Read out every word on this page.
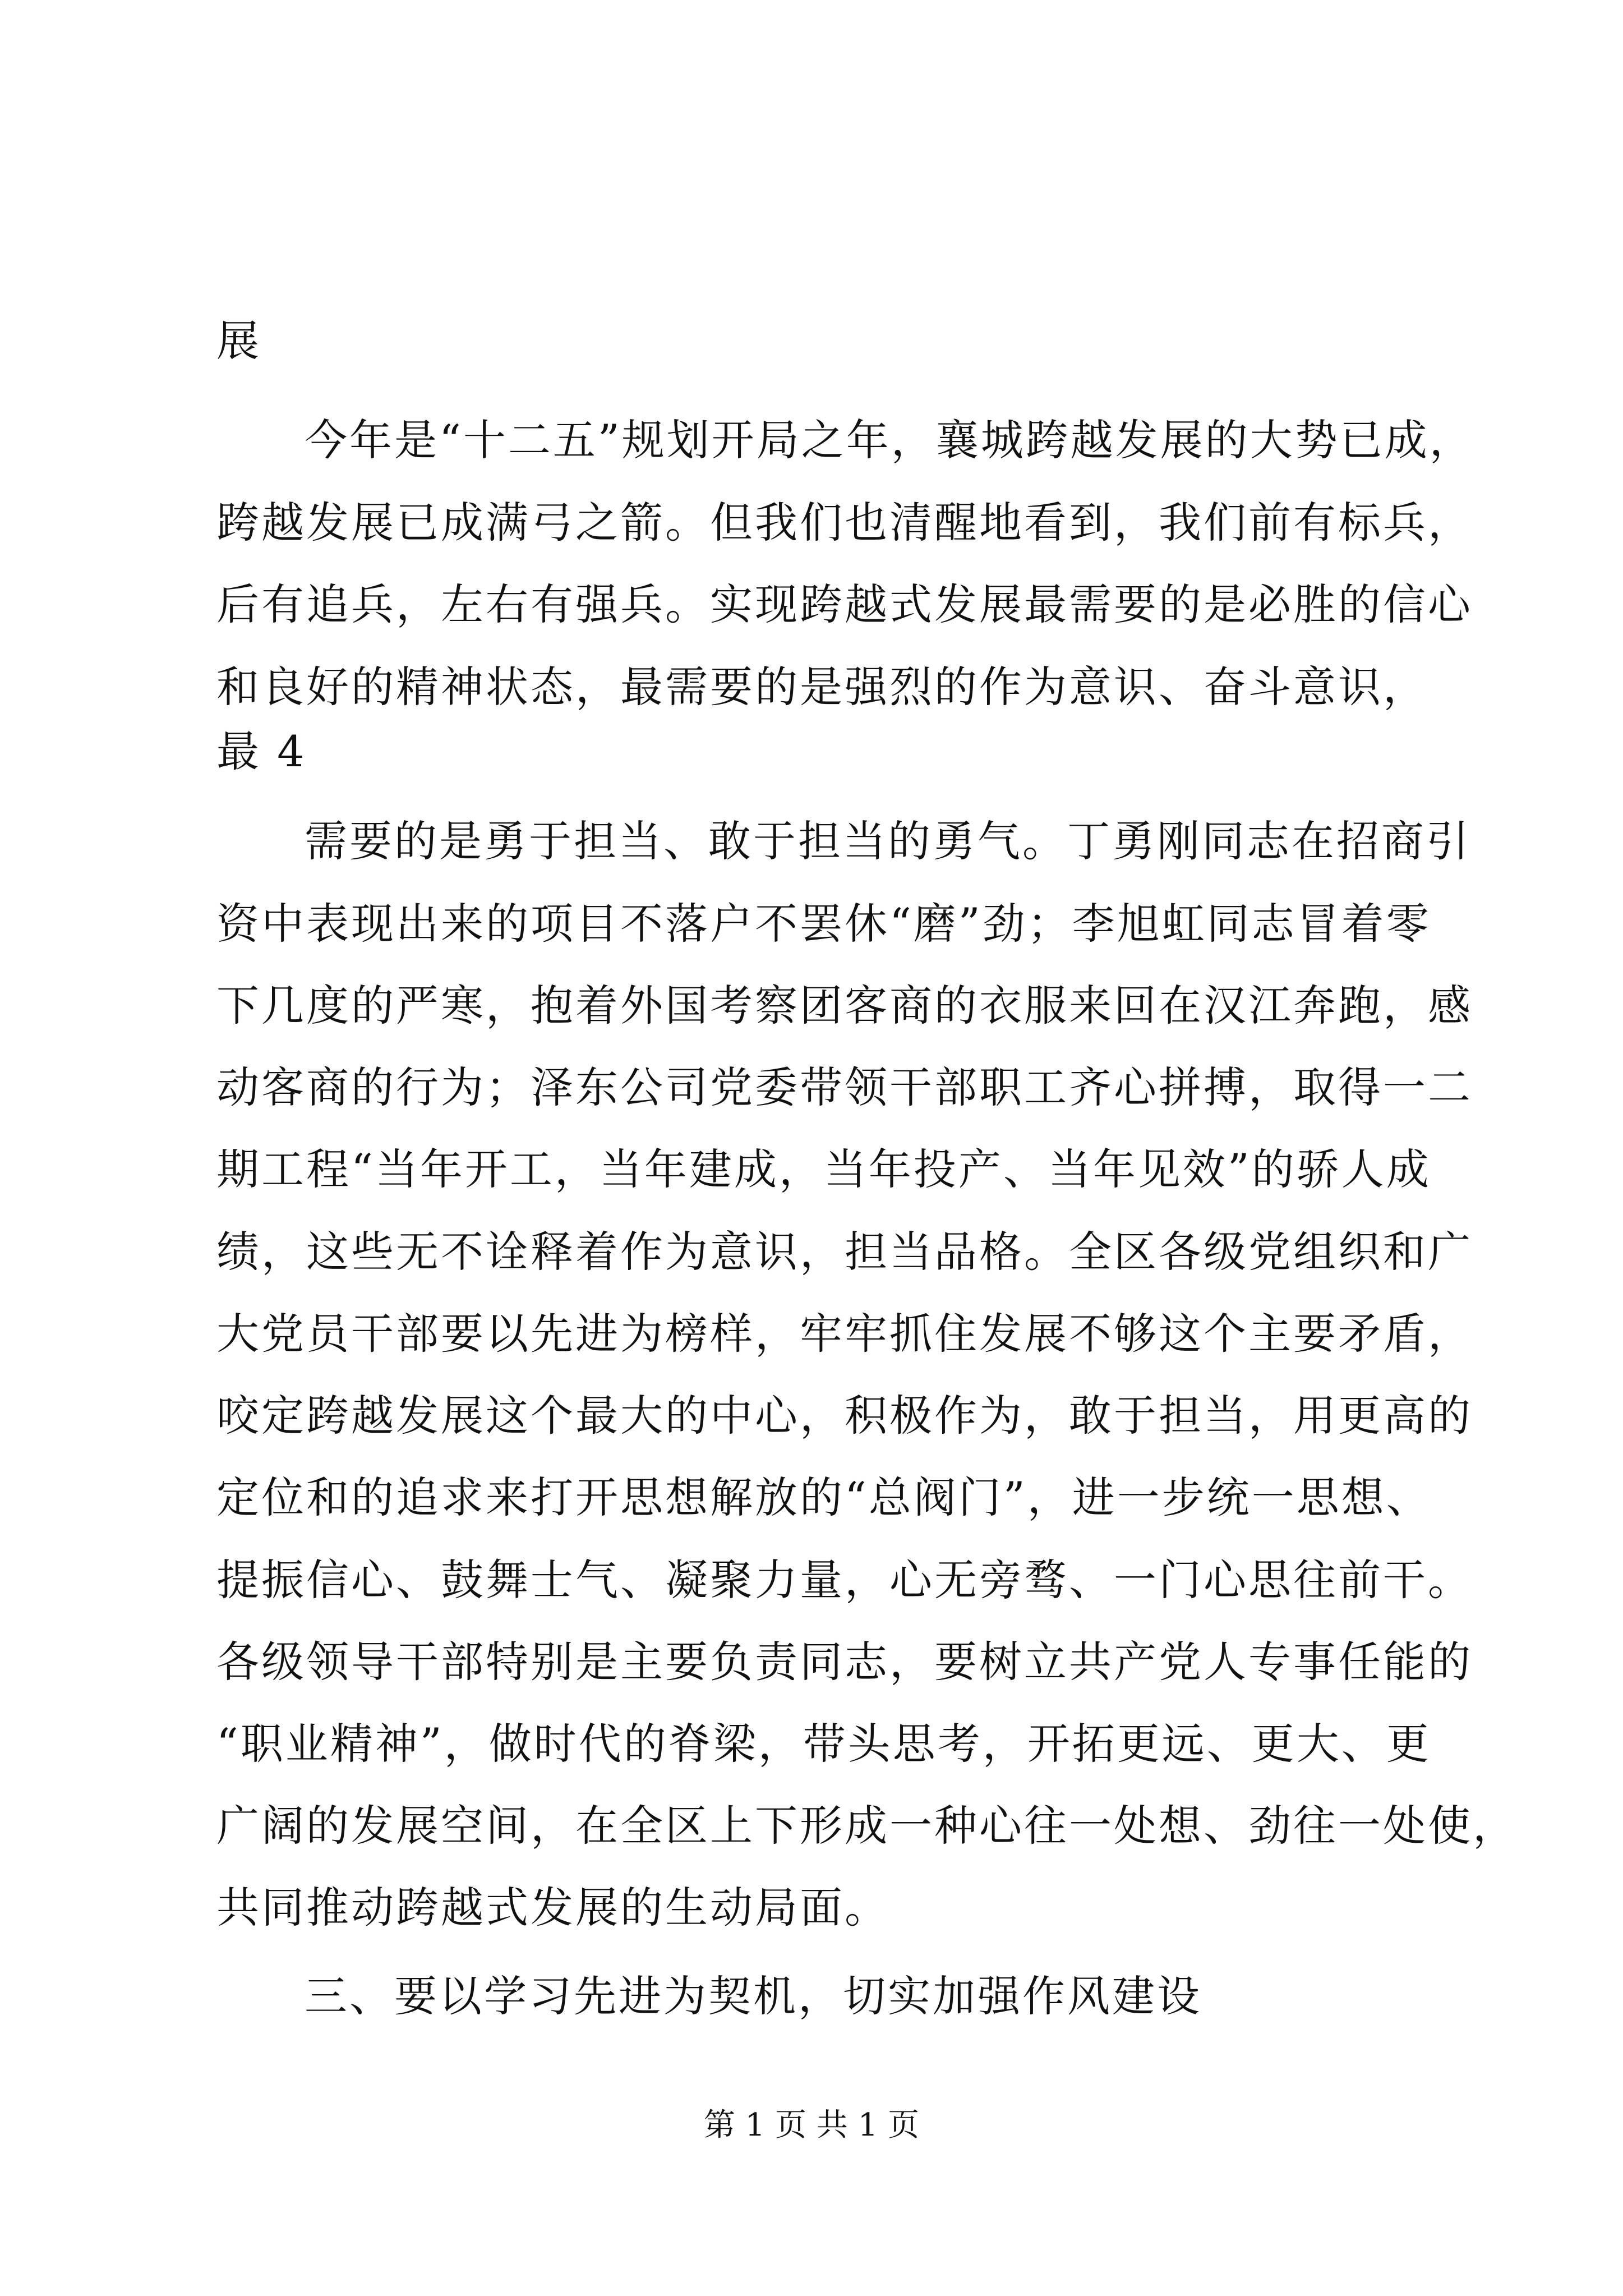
展
今年是“十二五”规划开局之年，襄城跨越发展的大势已成，
跨越发展已成满弓之箭。但我们也清醒地看到，我们前有标兵，
后有追兵，左右有强兵。实现跨越式发展最需要的是必胜的信心
和良好的精神状态，最需要的是强烈的作为意识、奋斗意识，
最 4
需要的是勇于担当、敢于担当的勇气。丁勇刚同志在招商引
资中表现出来的项目不落户不罢休“磨”劲；李旭虹同志冒着零
下几度的严寒，抱着外国考察团客商的衣服来回在汉江奔跑，感
动客商的行为；泽东公司党委带领干部职工齐心拼搏，取得一二
期工程“当年开工，当年建成，当年投产、当年见效”的骄人成
绩，这些无不诠释着作为意识，担当品格。全区各级党组织和广
大党员干部要以先进为榜样，牢牢抓住发展不够这个主要矛盾，
咬定跨越发展这个最大的中心，积极作为，敢于担当，用更高的
定位和的追求来打开思想解放的“总阀门”，进一步统一思想、
提振信心、鼓舞士气、凝聚力量，心无旁骛、一门心思往前干。
各级领导干部特别是主要负责同志，要树立共产党人专事任能的
“职业精神”，做时代的脊梁，带头思考，开拓更远、更大、更
广阔的发展空间，在全区上下形成一种心往一处想、劲往一处使，
共同推动跨越式发展的生动局面。
三、要以学习先进为契机，切实加强作风建设
第 1 页 共 1 页
